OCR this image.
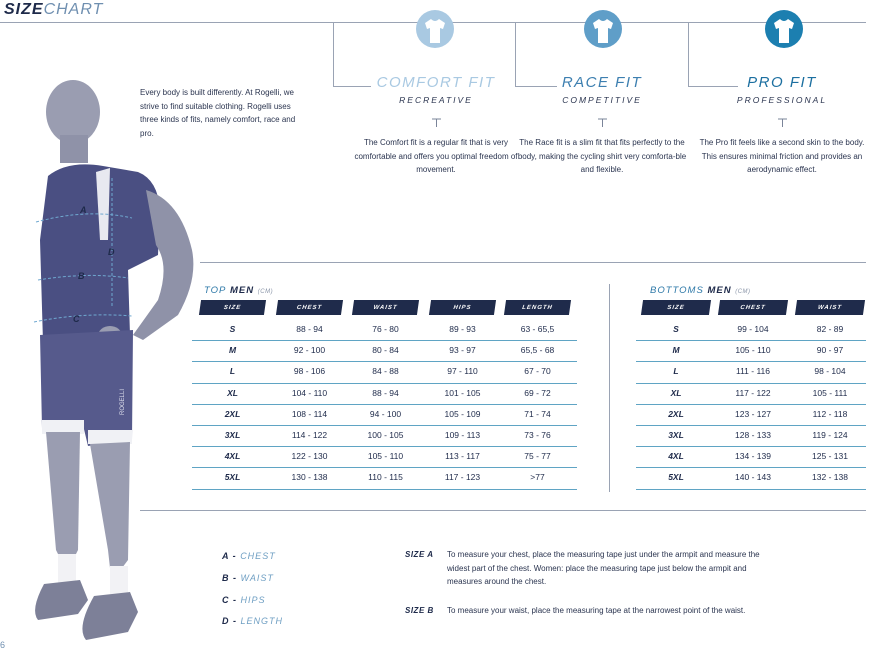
SIZECHART
Every body is built differently. At Rogelli, we strive to find suitable clothing. Rogelli uses three kinds of fits, namely comfort, race and pro.
ROGELLI
A
B
C
D
COMFORT FIT
RECREATIVE
The Comfort fit is a regular fit that is very comfortable and offers you optimal freedom of movement.
RACE FIT
COMPETITIVE
The Race fit is a slim fit that fits perfectly to the body, making the cycling shirt very comforta-ble and flexible.
PRO FIT
PROFESSIONAL
The Pro fit feels like a second skin to the body. This ensures minimal friction and provides an aerodynamic effect.
TOP MEN (CM)
SIZE	CHEST	WAIST	HIPS	LENGTH
S	88 - 94	76 - 80	89 - 93	63 - 65,5
M	92 - 100	80 - 84	93 - 97	65,5 - 68
L	98 - 106	84 - 88	97 - 110	67 - 70
XL	104 - 110	88 - 94	101 - 105	69 - 72
2XL	108 - 114	94 - 100	105 - 109	71 - 74
3XL	114 - 122	100 - 105	109 - 113	73 - 76
4XL	122 - 130	105 - 110	113 - 117	75 - 77
5XL	130 - 138	110 - 115	117 - 123	>77
BOTTOMS MEN (CM)
SIZE	CHEST	WAIST
S	99 - 104	82 - 89
M	105 - 110	90 - 97
L	111 - 116	98 - 104
XL	117 - 122	105 - 111
2XL	123 - 127	112 - 118
3XL	128 - 133	119 - 124
4XL	134 - 139	125 - 131
5XL	140 - 143	132 - 138
A - CHEST
B - WAIST
C - HIPS
D - LENGTH
SIZE A To measure your chest, place the measuring tape just under the armpit and measure the widest part of the chest. Women: place the measuring tape just below the armpit and measures around the chest.
SIZE B To measure your waist, place the measuring tape at the narrowest point of the waist.
6
